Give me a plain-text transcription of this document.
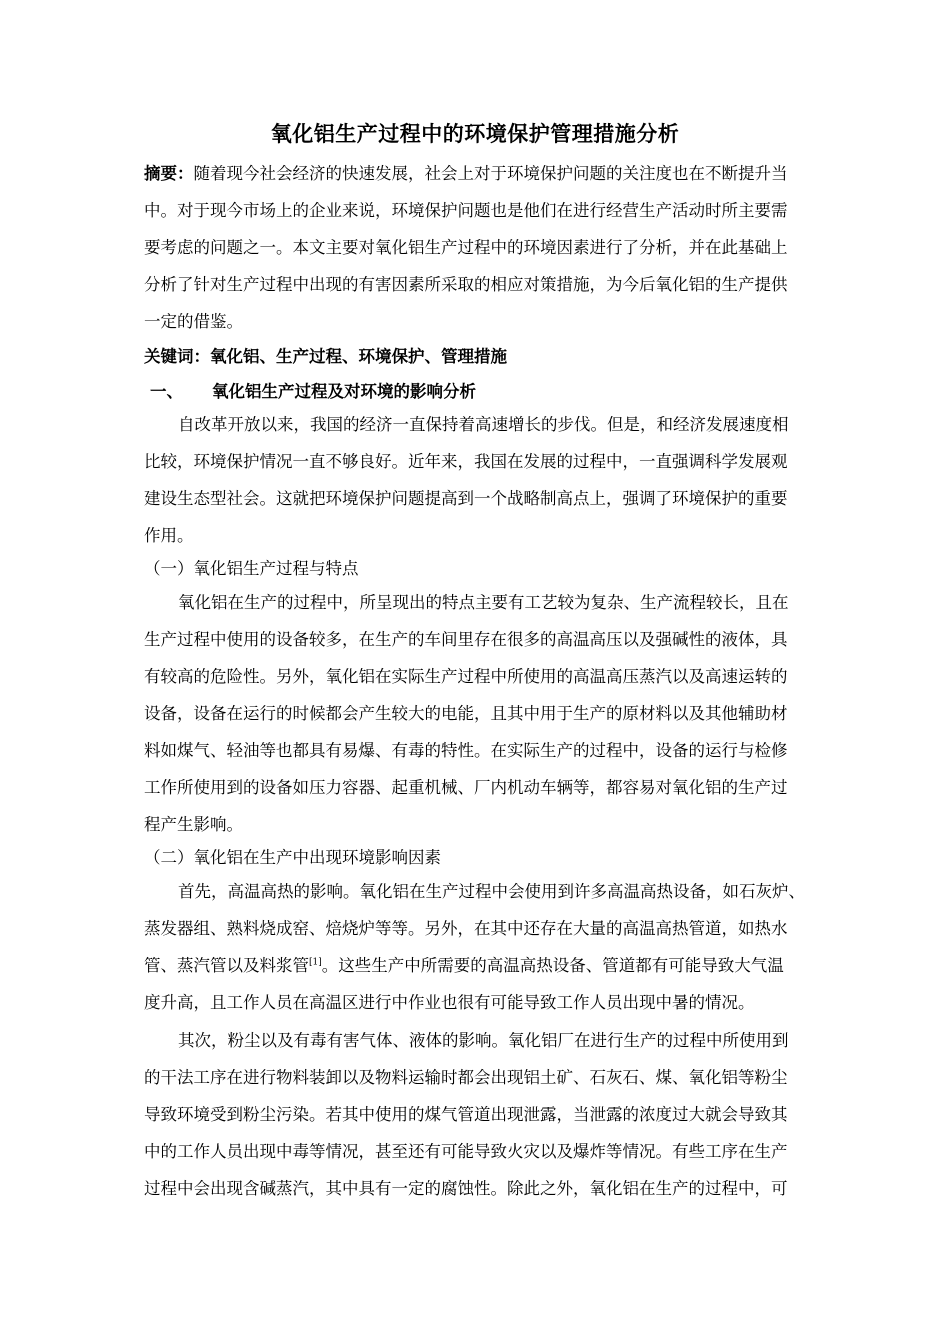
氧化铝生产过程中的环境保护管理措施分析
摘要：随着现今社会经济的快速发展，社会上对于环境保护问题的关注度也在不断提升当
中。对于现今市场上的企业来说，环境保护问题也是他们在进行经营生产活动时所主要需
要考虑的问题之一。本文主要对氧化铝生产过程中的环境因素进行了分析，并在此基础上
分析了针对生产过程中出现的有害因素所采取的相应对策措施，为今后氧化铝的生产提供
一定的借鉴。
关键词：氧化铝、生产过程、环境保护、管理措施
一、	氧化铝生产过程及对环境的影响分析
自改革开放以来，我国的经济一直保持着高速增长的步伐。但是，和经济发展速度相
比较，环境保护情况一直不够良好。近年来，我国在发展的过程中，一直强调科学发展观
建设生态型社会。这就把环境保护问题提高到一个战略制高点上，强调了环境保护的重要
作用。
（一）氧化铝生产过程与特点
氧化铝在生产的过程中，所呈现出的特点主要有工艺较为复杂、生产流程较长，且在
生产过程中使用的设备较多，在生产的车间里存在很多的高温高压以及强碱性的液体，具
有较高的危险性。另外，氧化铝在实际生产过程中所使用的高温高压蒸汽以及高速运转的
设备，设备在运行的时候都会产生较大的电能，且其中用于生产的原材料以及其他辅助材
料如煤气、轻油等也都具有易爆、有毒的特性。在实际生产的过程中，设备的运行与检修
工作所使用到的设备如压力容器、起重机械、厂内机动车辆等，都容易对氧化铝的生产过
程产生影响。
（二）氧化铝在生产中出现环境影响因素
首先，高温高热的影响。氧化铝在生产过程中会使用到许多高温高热设备，如石灰炉、
蒸发器组、熟料烧成窑、焙烧炉等等。另外，在其中还存在大量的高温高热管道，如热水
管、蒸汽管以及料浆管[1]。这些生产中所需要的高温高热设备、管道都有可能导致大气温
度升高，且工作人员在高温区进行中作业也很有可能导致工作人员出现中暑的情况。
其次，粉尘以及有毒有害气体、液体的影响。氧化铝厂在进行生产的过程中所使用到
的干法工序在进行物料装卸以及物料运输时都会出现铝土矿、石灰石、煤、氧化铝等粉尘
导致环境受到粉尘污染。若其中使用的煤气管道出现泄露，当泄露的浓度过大就会导致其
中的工作人员出现中毒等情况，甚至还有可能导致火灾以及爆炸等情况。有些工序在生产
过程中会出现含碱蒸汽，其中具有一定的腐蚀性。除此之外，氧化铝在生产的过程中，可
